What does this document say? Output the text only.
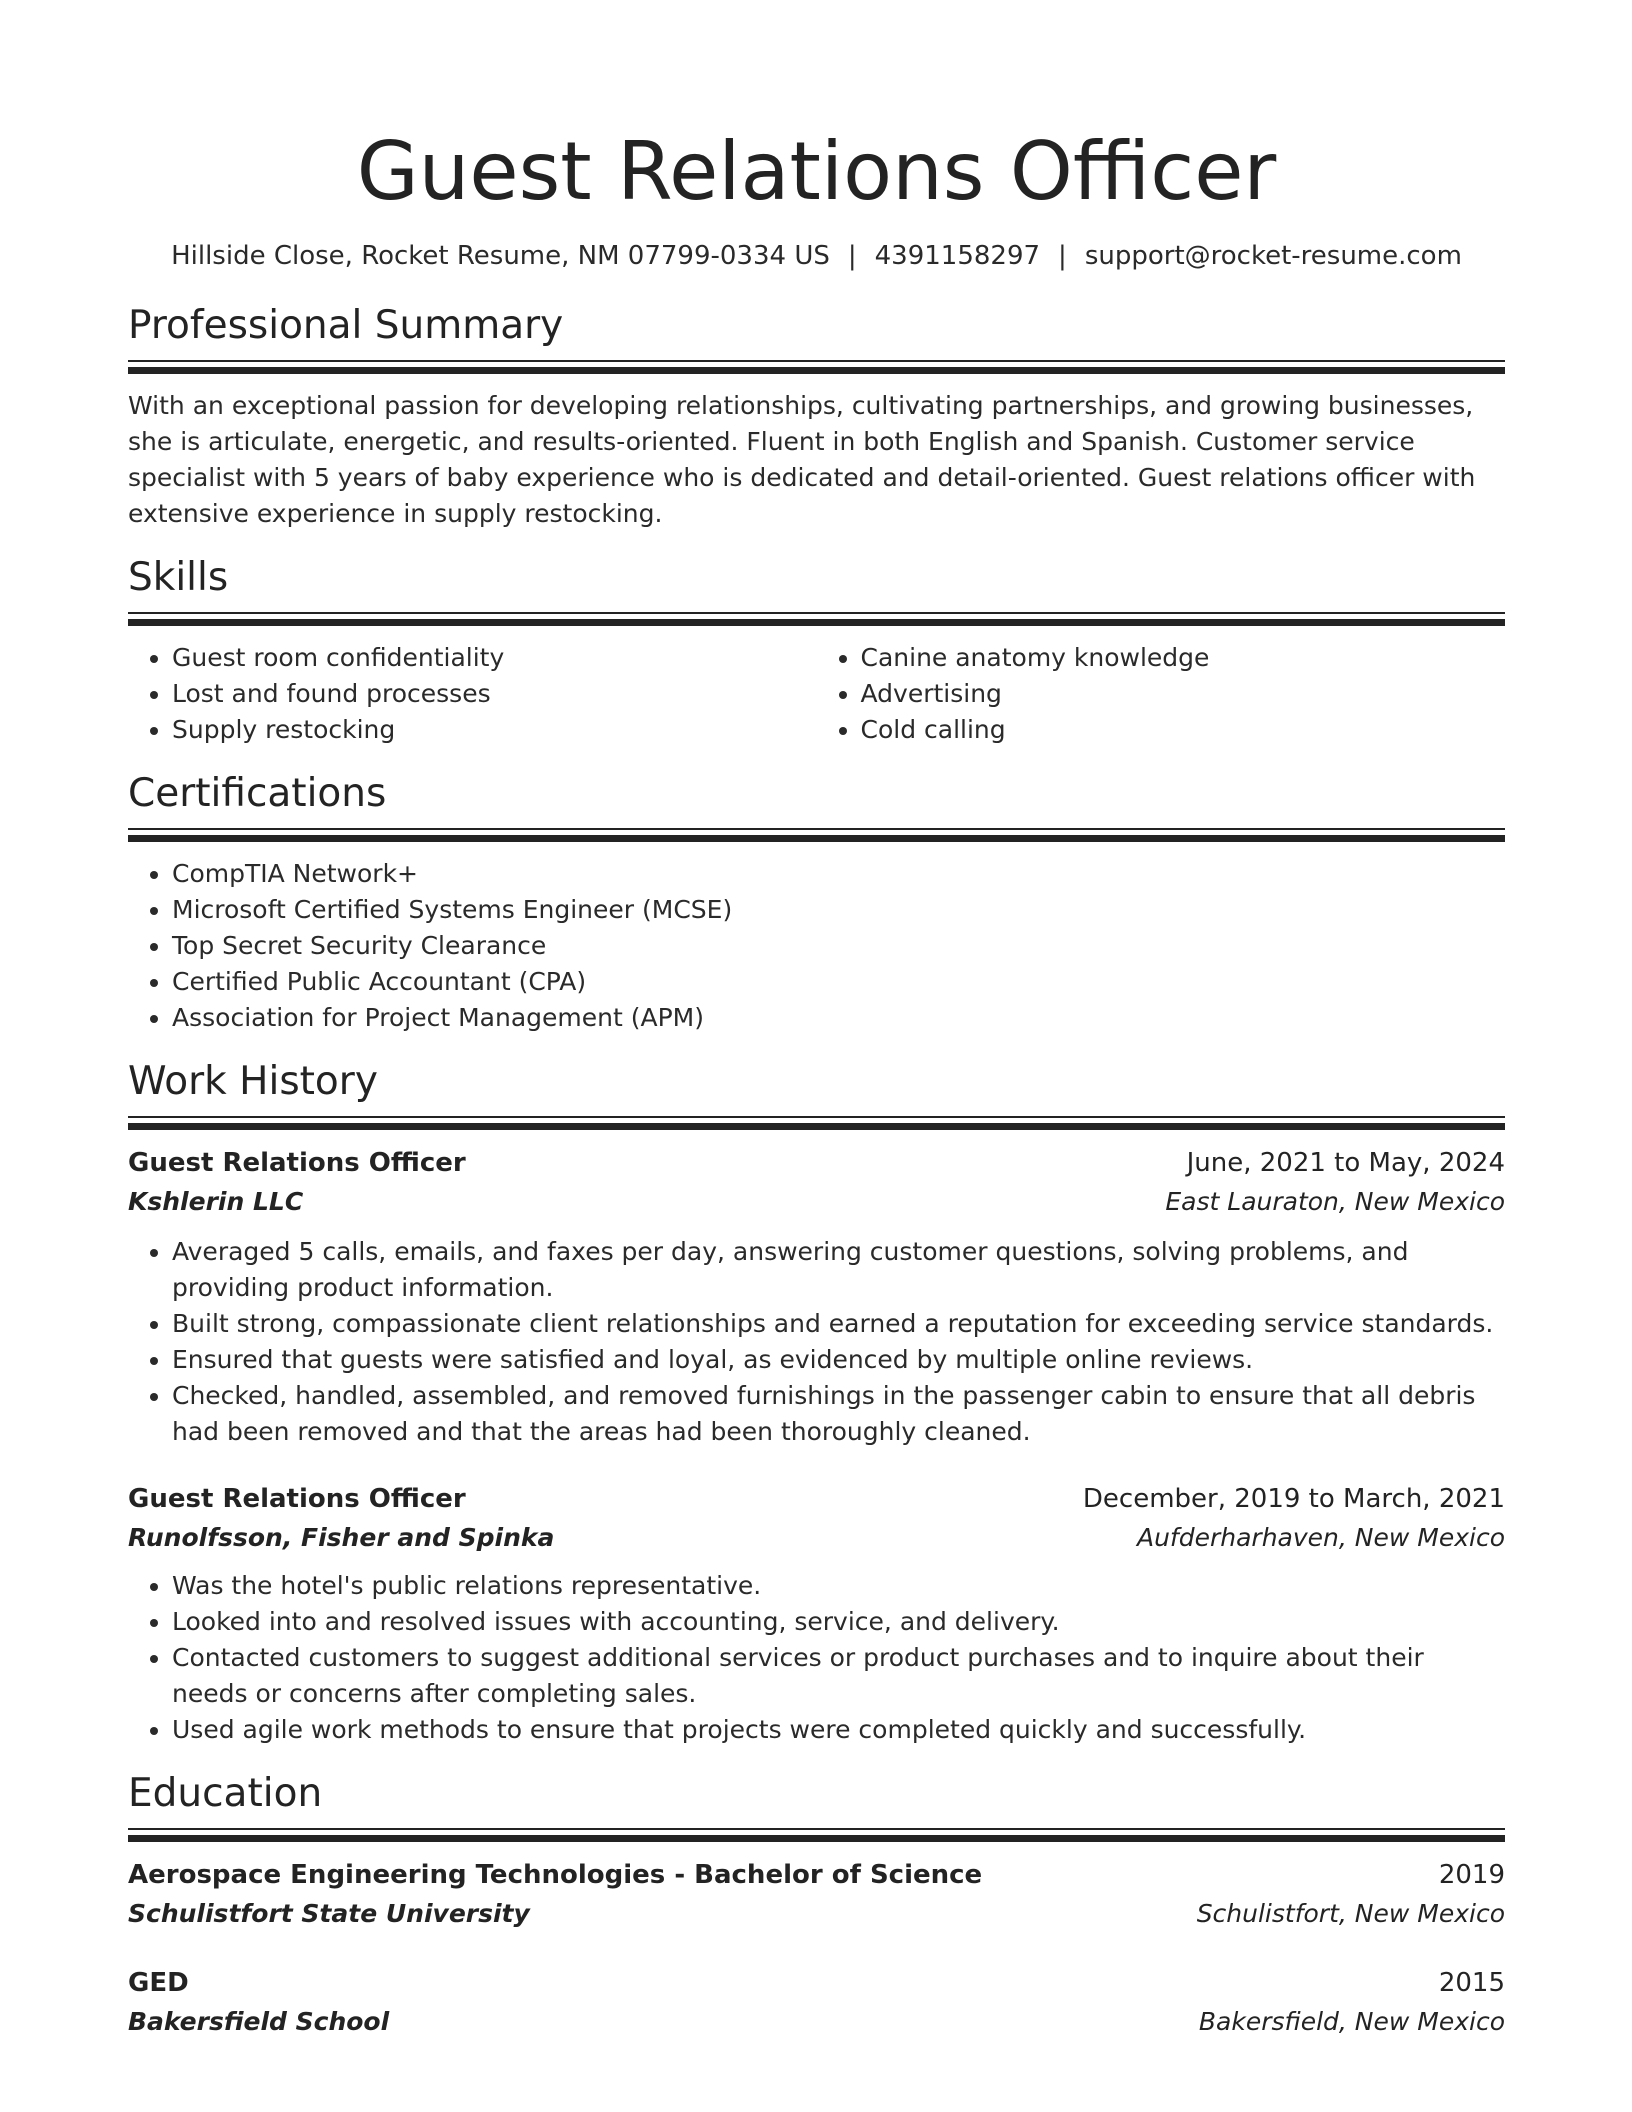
Guest Relations Officer
Hillside Close, Rocket Resume, NM 07799-0334 US | 4391158297 | support@rocket-resume.com
Professional Summary

With an exceptional passion for developing relationships, cultivating partnerships, and growing businesses, she is articulate, energetic, and results-oriented. Fluent in both English and Spanish. Customer service specialist with 5 years of baby experience who is dedicated and detail-oriented. Guest relations officer with extensive experience in supply restocking.

Skills
• Guest room confidentiality
• Lost and found processes
• Supply restocking
• Canine anatomy knowledge
• Advertising
• Cold calling
Certifications
• CompTIA Network+
• Microsoft Certified Systems Engineer (MCSE)
• Top Secret Security Clearance
• Certified Public Accountant (CPA)
• Association for Project Management (APM)
Work History
Guest Relations Officer	June, 2021 to May, 2024
Kshlerin LLC	East Lauraton, New Mexico
• Averaged 5 calls, emails, and faxes per day, answering customer questions, solving problems, and providing product information.
• Built strong, compassionate client relationships and earned a reputation for exceeding service standards.
• Ensured that guests were satisfied and loyal, as evidenced by multiple online reviews.
• Checked, handled, assembled, and removed furnishings in the passenger cabin to ensure that all debris had been removed and that the areas had been thoroughly cleaned.
Guest Relations Officer	December, 2019 to March, 2021
Runolfsson, Fisher and Spinka	Aufderharhaven, New Mexico
• Was the hotel's public relations representative.
• Looked into and resolved issues with accounting, service, and delivery.
• Contacted customers to suggest additional services or product purchases and to inquire about their needs or concerns after completing sales.
• Used agile work methods to ensure that projects were completed quickly and successfully.
Education
Aerospace Engineering Technologies - Bachelor of Science	2019
Schulistfort State University	Schulistfort, New Mexico
GED	2015
Bakersfield School	Bakersfield, New Mexico
